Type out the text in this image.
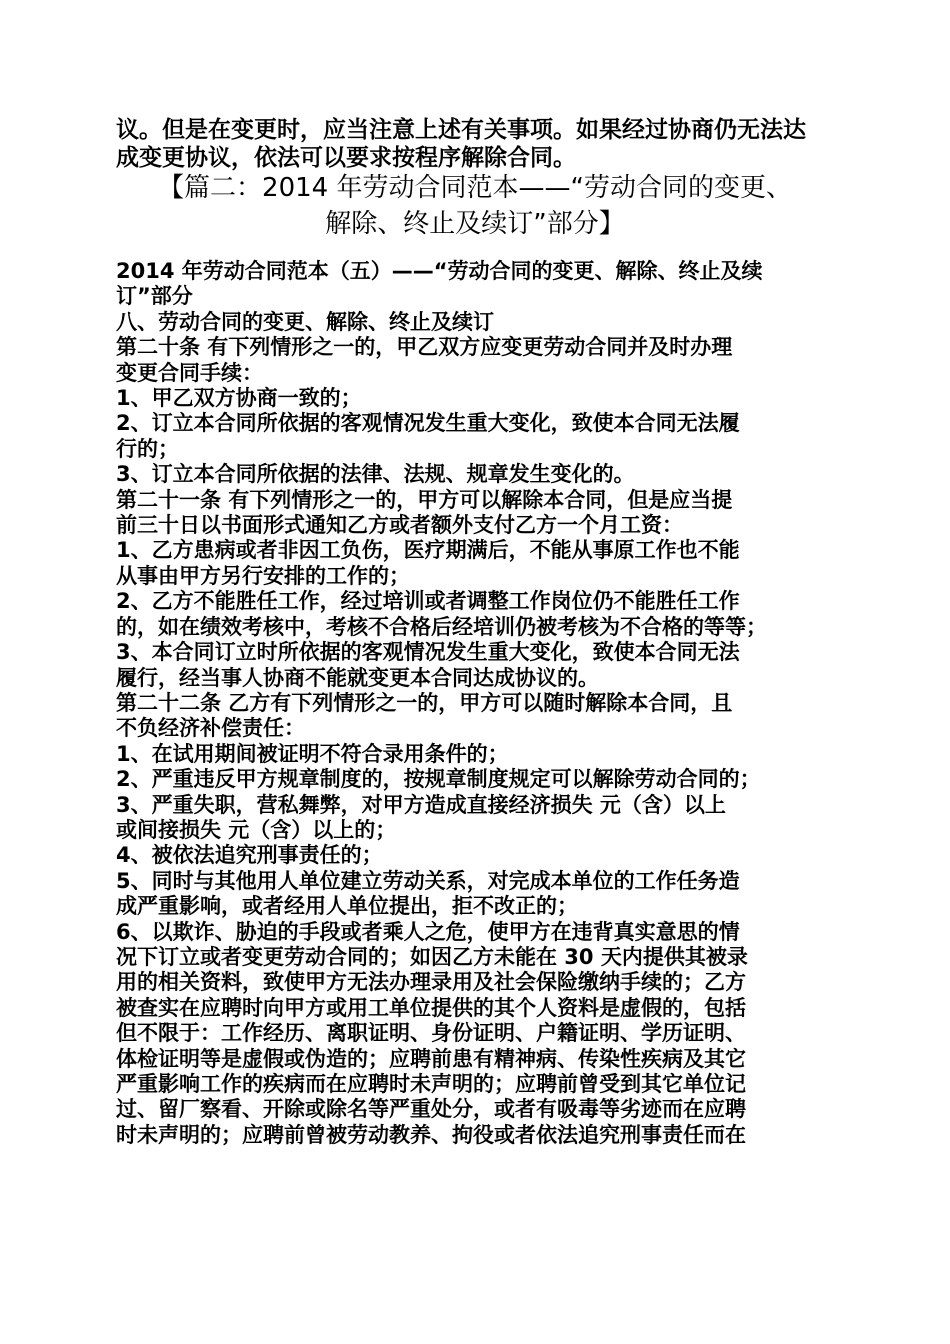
议。但是在变更时，应当注意上述有关事项。如果经过协商仍无法达

成变更协议，依法可以要求按程序解除合同。

【篇二：2014 年劳动合同范本——“劳动合同的变更、

解除、终止及续订”部分】

2014 年劳动合同范本（五）——“劳动合同的变更、解除、终止及续

订”部分

八、劳动合同的变更、解除、终止及续订

第二十条 有下列情形之一的，甲乙双方应变更劳动合同并及时办理

变更合同手续：

1、甲乙双方协商一致的；

2、订立本合同所依据的客观情况发生重大变化，致使本合同无法履

行的；

3、订立本合同所依据的法律、法规、规章发生变化的。

第二十一条 有下列情形之一的，甲方可以解除本合同，但是应当提

前三十日以书面形式通知乙方或者额外支付乙方一个月工资：

1、乙方患病或者非因工负伤，医疗期满后，不能从事原工作也不能

从事由甲方另行安排的工作的；

2、乙方不能胜任工作，经过培训或者调整工作岗位仍不能胜任工作

的，如在绩效考核中，考核不合格后经培训仍被考核为不合格的等等；

3、本合同订立时所依据的客观情况发生重大变化，致使本合同无法

履行，经当事人协商不能就变更本合同达成协议的。

第二十二条 乙方有下列情形之一的，甲方可以随时解除本合同，且

不负经济补偿责任：

1、在试用期间被证明不符合录用条件的；

2、严重违反甲方规章制度的，按规章制度规定可以解除劳动合同的；

3、严重失职，营私舞弊，对甲方造成直接经济损失 元（含）以上

或间接损失 元（含）以上的；

4、被依法追究刑事责任的；

5、同时与其他用人单位建立劳动关系，对完成本单位的工作任务造

成严重影响，或者经用人单位提出，拒不改正的；

6、以欺诈、胁迫的手段或者乘人之危，使甲方在违背真实意思的情

况下订立或者变更劳动合同的；如因乙方未能在 30 天内提供其被录

用的相关资料，致使甲方无法办理录用及社会保险缴纳手续的；乙方

被查实在应聘时向甲方或用工单位提供的其个人资料是虚假的，包括

但不限于：工作经历、离职证明、身份证明、户籍证明、学历证明、

体检证明等是虚假或伪造的；应聘前患有精神病、传染性疾病及其它

严重影响工作的疾病而在应聘时未声明的；应聘前曾受到其它单位记

过、留厂察看、开除或除名等严重处分，或者有吸毒等劣迹而在应聘

时未声明的；应聘前曾被劳动教养、拘役或者依法追究刑事责任而在
